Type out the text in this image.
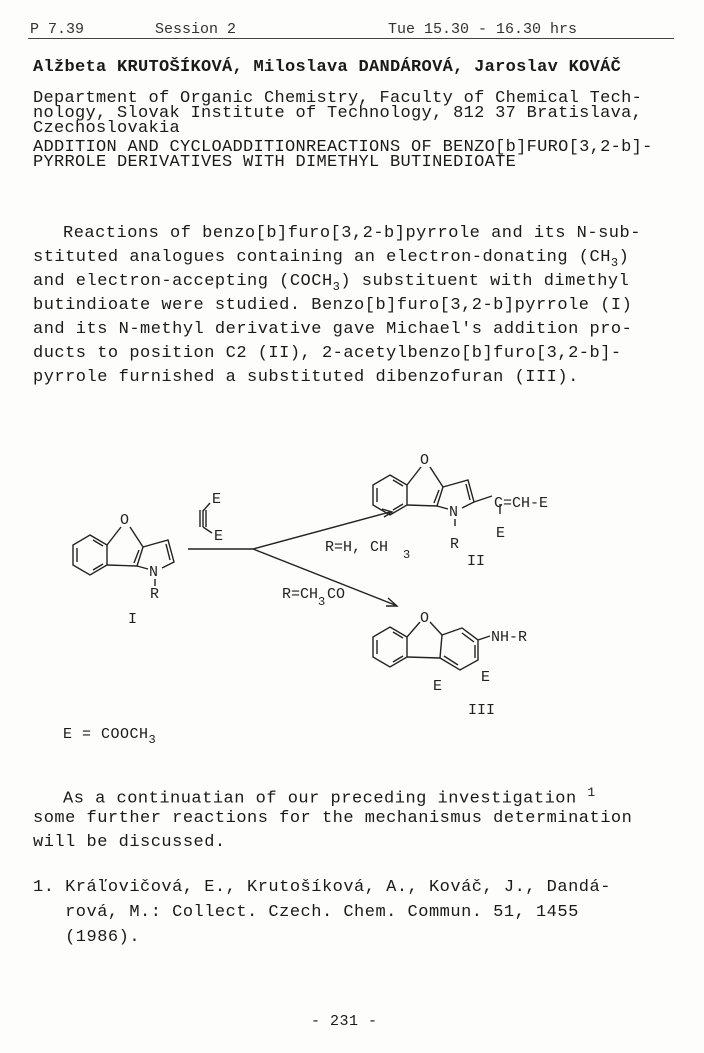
P 7.39	Session 2	Tue 15.30 - 16.30 hrs
Alžbeta KRUTOŠÍKOVÁ, Miloslava DANDÁROVÁ, Jaroslav KOVÁČ
Department of Organic Chemistry, Faculty of Chemical Tech-
nology, Slovak Institute of Technology, 812 37 Bratislava,
Czechoslovakia
ADDITION AND CYCLOADDITIONREACTIONS OF BENZO[b]FURO[3,2-b]-
PYRROLE DERIVATIVES WITH DIMETHYL BUTINEDIOATE
Reactions of benzo[b]furo[3,2-b]pyrrole and its N-sub-
stituted analogues containing an electron-donating $(CH_3)$
and electron-accepting $(COCH_3)$ substituent with dimethyl
butindioate were studied. Benzo[b]furo[3,2-b]pyrrole (I)
and its N-methyl derivative gave Michael's addition pro-
ducts to position C2 (II), 2-acetylbenzo[b]furo[3,2-b]-
pyrrole furnished a substituted dibenzofuran (III).
O
N
R
I
E
E
R=H, CH 3
R=CH 3 CO
O
N
R
C=CH-E
E
II
O
NH-R
E
E
III
$E = COOCH_3$
As a continuatian of our preceding investigation $^1$
some further reactions for the mechanismus determination
will be discussed.
1. Kráľovičová, E., Krutošíková, A., Kováč, J., Dandá-
rová, M.: Collect. Czech. Chem. Commun. 51, 1455
(1986).
- 231 -
